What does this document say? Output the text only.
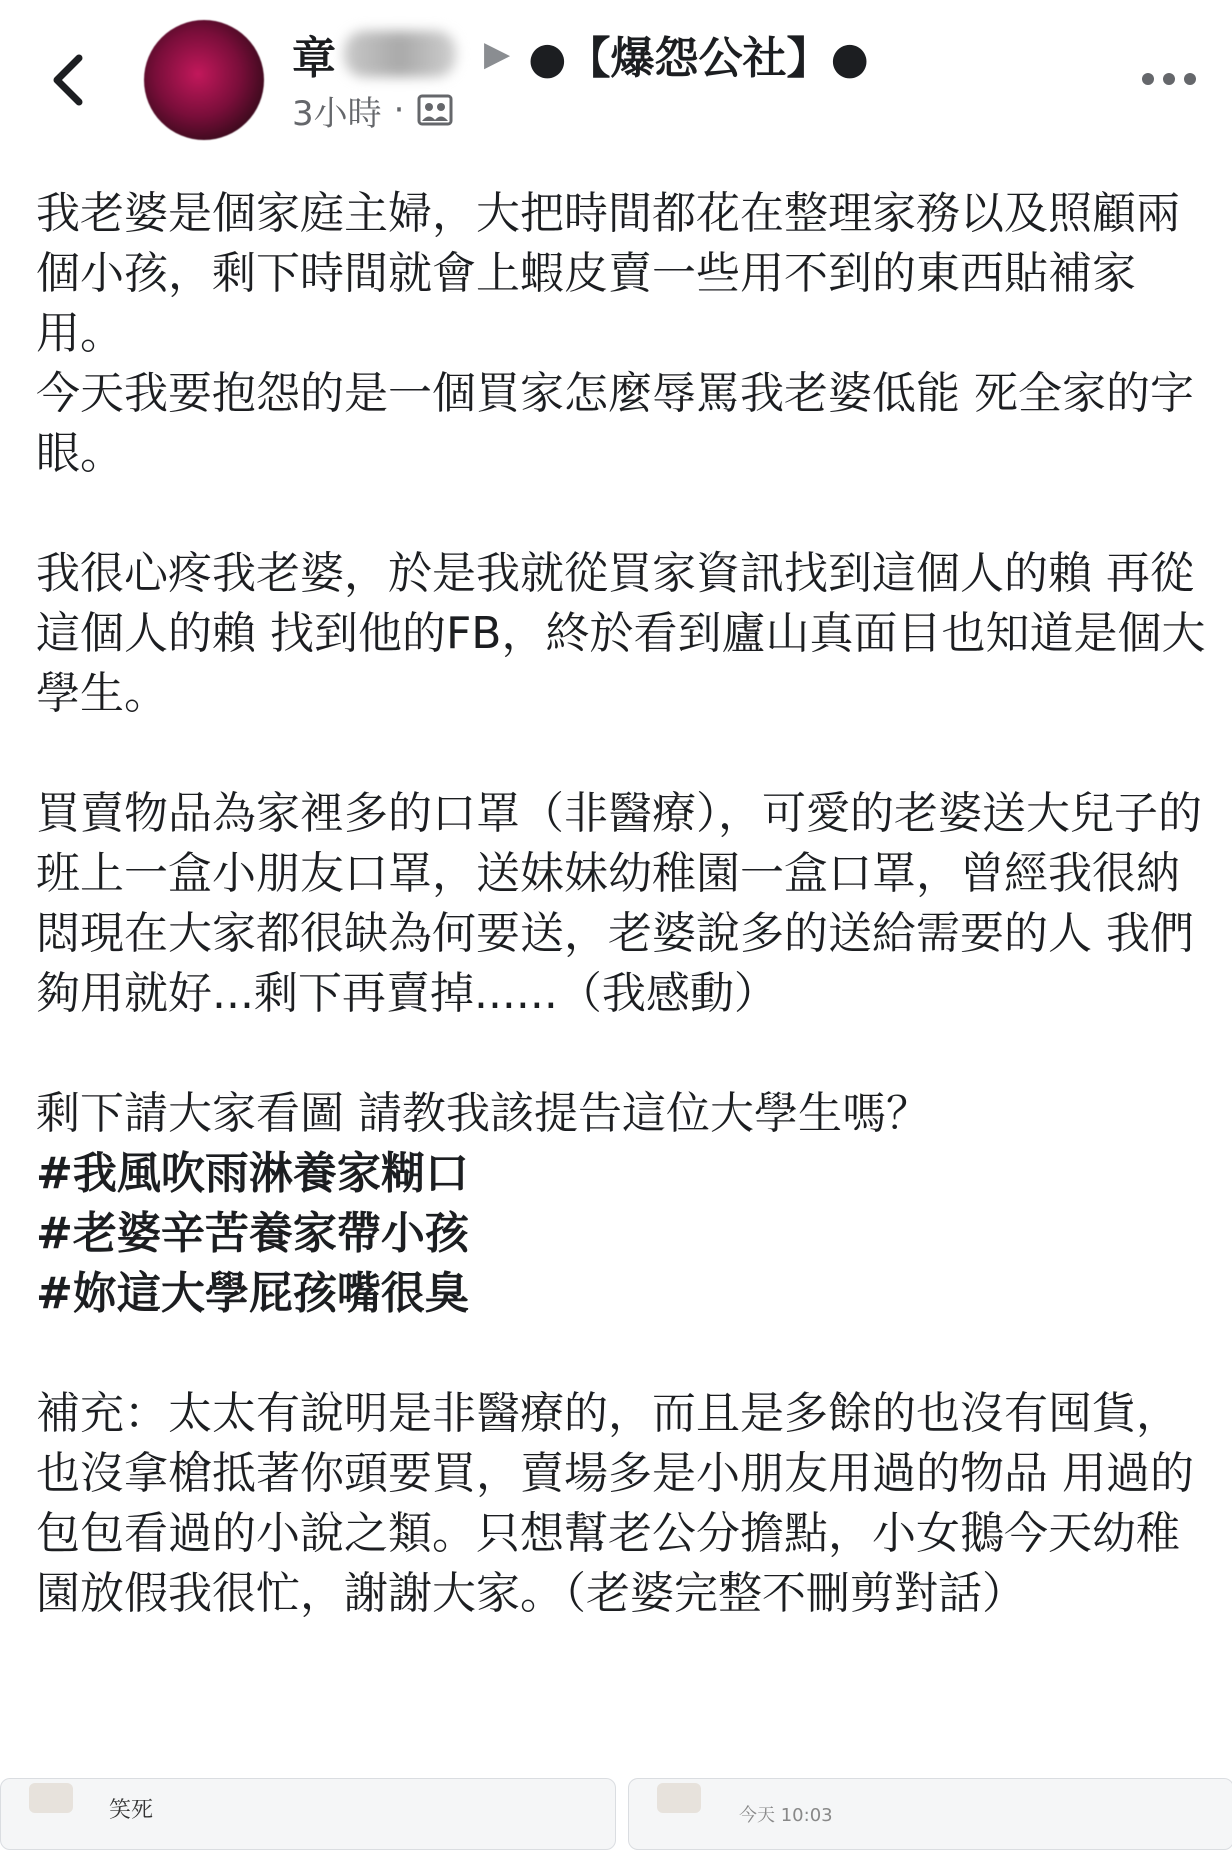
章	▶ ●【爆怨公社】●
3小時 ·

我老婆是個家庭主婦，大把時間都花在整理家務以及照顧兩個小孩，剩下時間就會上蝦皮賣一些用不到的東西貼補家用。
今天我要抱怨的是一個買家怎麼辱罵我老婆低能 死全家的字眼。

我很心疼我老婆，於是我就從買家資訊找到這個人的賴 再從這個人的賴 找到他的FB，終於看到廬山真面目也知道是個大學生。

買賣物品為家裡多的口罩（非醫療），可愛的老婆送大兒子的班上一盒小朋友口罩，送妹妹幼稚園一盒口罩，曾經我很納悶現在大家都很缺為何要送，老婆說多的送給需要的人 我們夠用就好...剩下再賣掉......（我感動）

剩下請大家看圖 請教我該提告這位大學生嗎？

#我風吹雨淋養家糊口

#老婆辛苦養家帶小孩

#妳這大學屁孩嘴很臭

補充：太太有說明是非醫療的，而且是多餘的也沒有囤貨，也沒拿槍抵著你頭要買，賣場多是小朋友用過的物品 用過的包包看過的小說之類。只想幫老公分擔點，小女鵝今天幼稚園放假我很忙，謝謝大家。（老婆完整不刪剪對話）

笑死	今天 10:03
